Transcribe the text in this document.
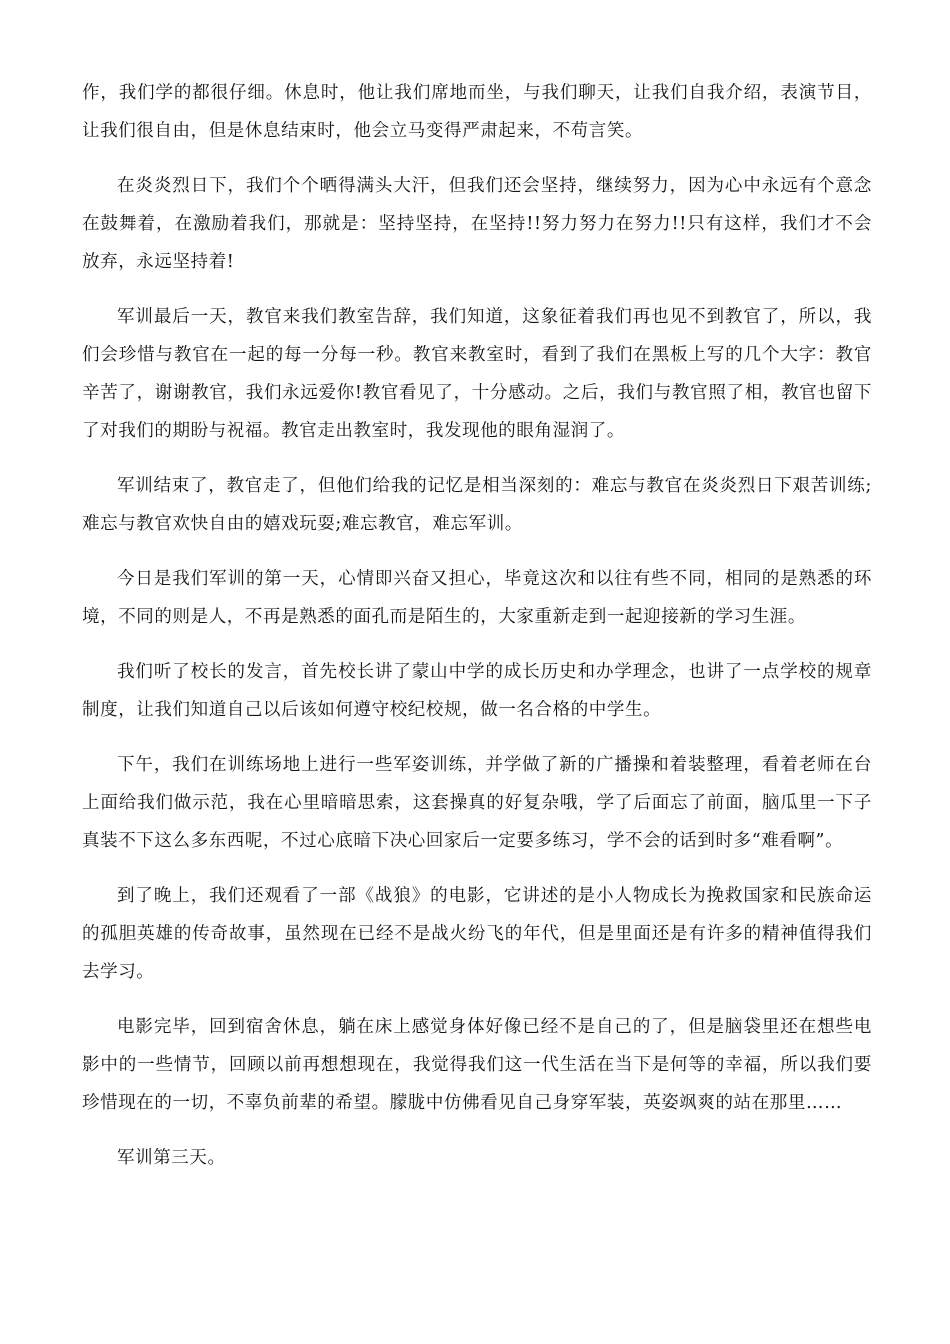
作，我们学的都很仔细。休息时，他让我们席地而坐，与我们聊天，让我们自我介绍，表演节目，让我们很自由，但是休息结束时，他会立马变得严肃起来，不苟言笑。

在炎炎烈日下，我们个个晒得满头大汗，但我们还会坚持，继续努力，因为心中永远有个意念在鼓舞着，在激励着我们，那就是：坚持坚持，在坚持!!努力努力在努力!!只有这样，我们才不会放弃，永远坚持着!

军训最后一天，教官来我们教室告辞，我们知道，这象征着我们再也见不到教官了，所以，我们会珍惜与教官在一起的每一分每一秒。教官来教室时，看到了我们在黑板上写的几个大字：教官辛苦了，谢谢教官，我们永远爱你!教官看见了，十分感动。之后，我们与教官照了相，教官也留下了对我们的期盼与祝福。教官走出教室时，我发现他的眼角湿润了。

军训结束了，教官走了，但他们给我的记忆是相当深刻的：难忘与教官在炎炎烈日下艰苦训练;难忘与教官欢快自由的嬉戏玩耍;难忘教官，难忘军训。

今日是我们军训的第一天，心情即兴奋又担心，毕竟这次和以往有些不同，相同的是熟悉的环境，不同的则是人，不再是熟悉的面孔而是陌生的，大家重新走到一起迎接新的学习生涯。

我们听了校长的发言，首先校长讲了蒙山中学的成长历史和办学理念，也讲了一点学校的规章制度，让我们知道自己以后该如何遵守校纪校规，做一名合格的中学生。

下午，我们在训练场地上进行一些军姿训练，并学做了新的广播操和着装整理，看着老师在台上面给我们做示范，我在心里暗暗思索，这套操真的好复杂哦，学了后面忘了前面，脑瓜里一下子真装不下这么多东西呢，不过心底暗下决心回家后一定要多练习，学不会的话到时多“难看啊”。

到了晚上，我们还观看了一部《战狼》的电影，它讲述的是小人物成长为挽救国家和民族命运的孤胆英雄的传奇故事，虽然现在已经不是战火纷飞的年代，但是里面还是有许多的精神值得我们去学习。

电影完毕，回到宿舍休息，躺在床上感觉身体好像已经不是自己的了，但是脑袋里还在想些电影中的一些情节，回顾以前再想想现在，我觉得我们这一代生活在当下是何等的幸福，所以我们要珍惜现在的一切，不辜负前辈的希望。朦胧中仿佛看见自己身穿军装，英姿飒爽的站在那里……

军训第三天。
